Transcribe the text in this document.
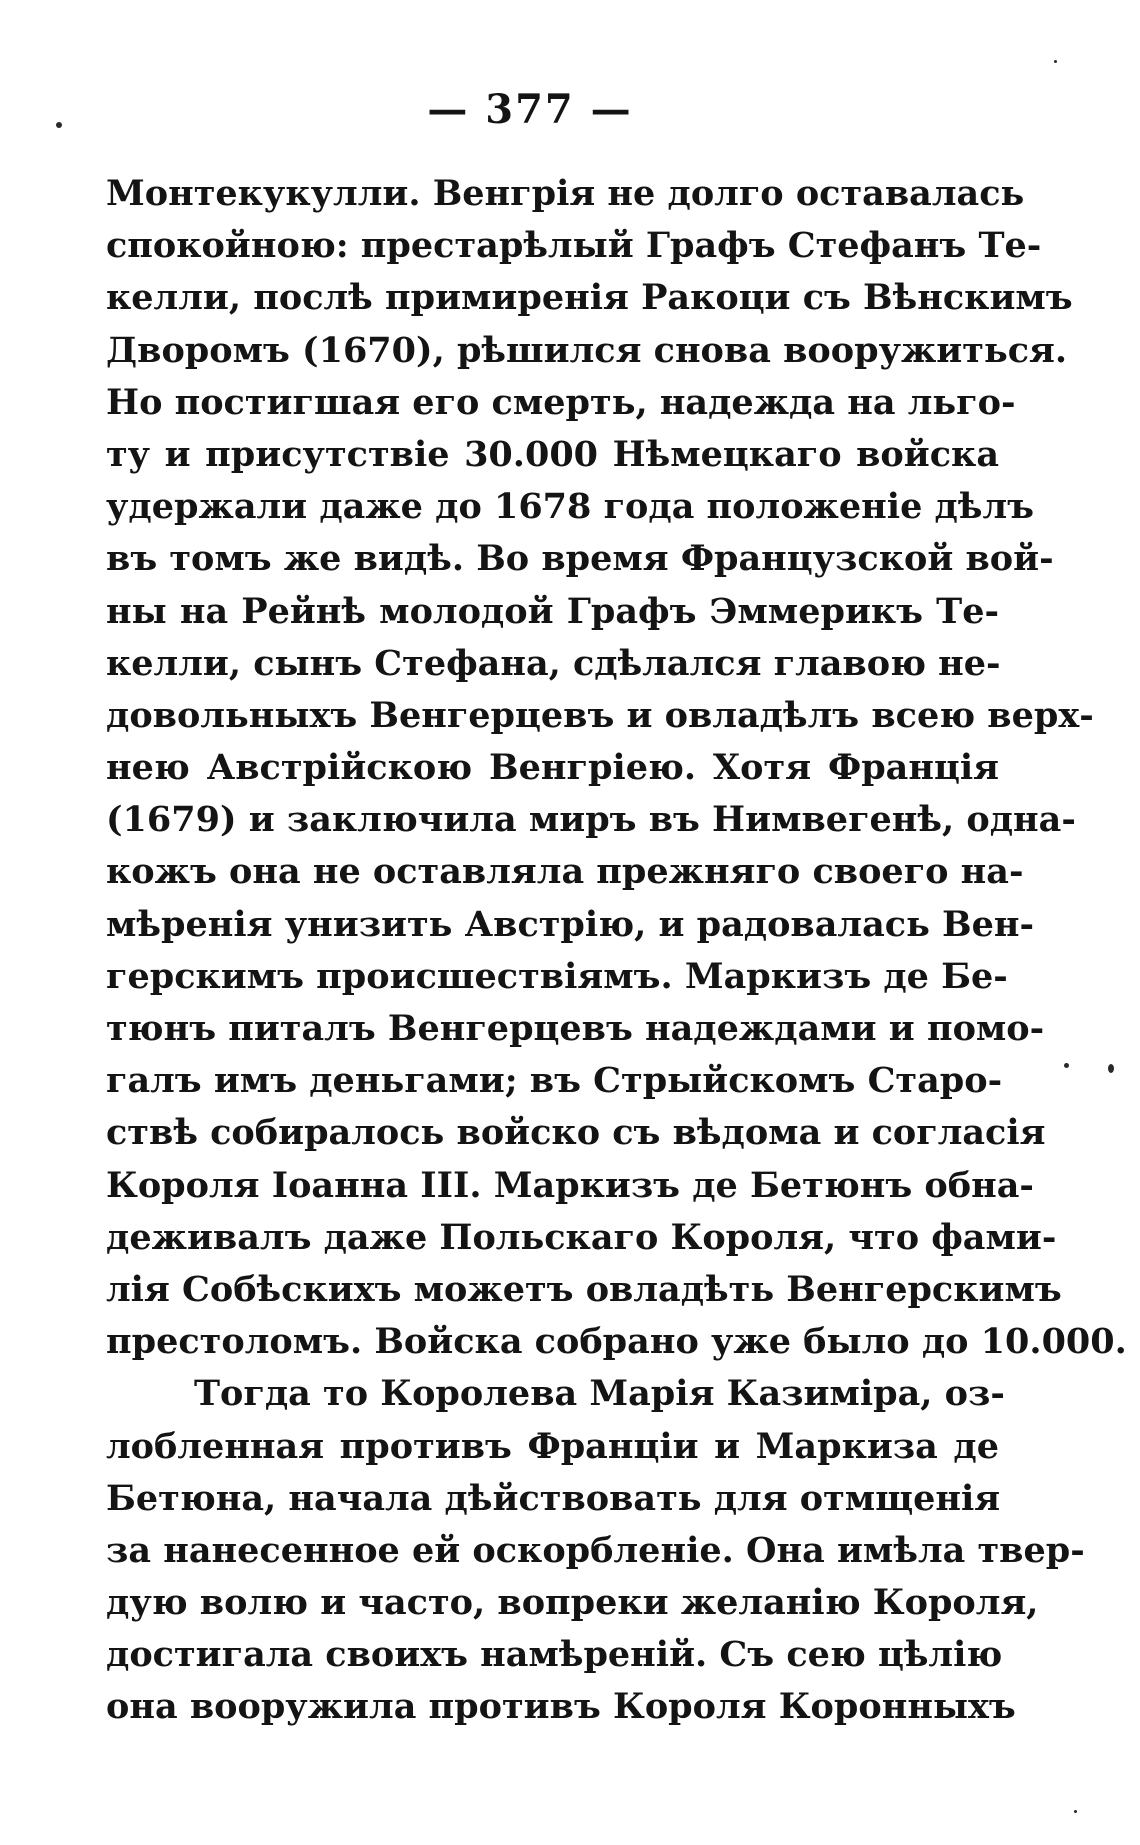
— 377 —
Монтекукулли. Венгрія не долго оставалась
спокойною: престарѣлый Графъ Стефанъ Те-
келли, послѣ примиренія Ракоци съ Вѣнскимъ
Дворомъ (1670), рѣшился снова вооружиться.
Но постигшая его смерть, надежда на льго-
ту и присутствіе 30.000 Нѣмецкаго войска
удержали даже до 1678 года положеніе дѣлъ
въ томъ же видѣ. Во время Французской вой-
ны на Рейнѣ молодой Графъ Эммерикъ Те-
келли, сынъ Стефана, сдѣлался главою не-
довольныхъ Венгерцевъ и овладѣлъ всею верх-
нею Австрійскою Венгріею. Хотя Франція
(1679) и заключила миръ въ Нимвегенѣ, одна-
кожъ она не оставляла прежняго своего на-
мѣренія унизить Австрію, и радовалась Вен-
герскимъ происшествіямъ. Маркизъ де Бе-
тюнъ питалъ Венгерцевъ надеждами и помо-
галъ имъ деньгами; въ Стрыйскомъ Старо-
ствѣ собиралось войско съ вѣдома и согласія
Короля Іоанна III. Маркизъ де Бетюнъ обна-
деживалъ даже Польскаго Короля, что фами-
лія Собѣскихъ можетъ овладѣть Венгерскимъ
престоломъ. Войска собрано уже было до 10.000.
Тогда то Королева Марія Казиміра, оз-
лобленная противъ Франціи и Маркиза де
Бетюна, начала дѣйствовать для отмщенія
за нанесенное ей оскорбленіе. Она имѣла твер-
дую волю и часто, вопреки желанію Короля,
достигала своихъ намѣреній. Съ сею цѣлію
она вооружила противъ Короля Коронныхъ
